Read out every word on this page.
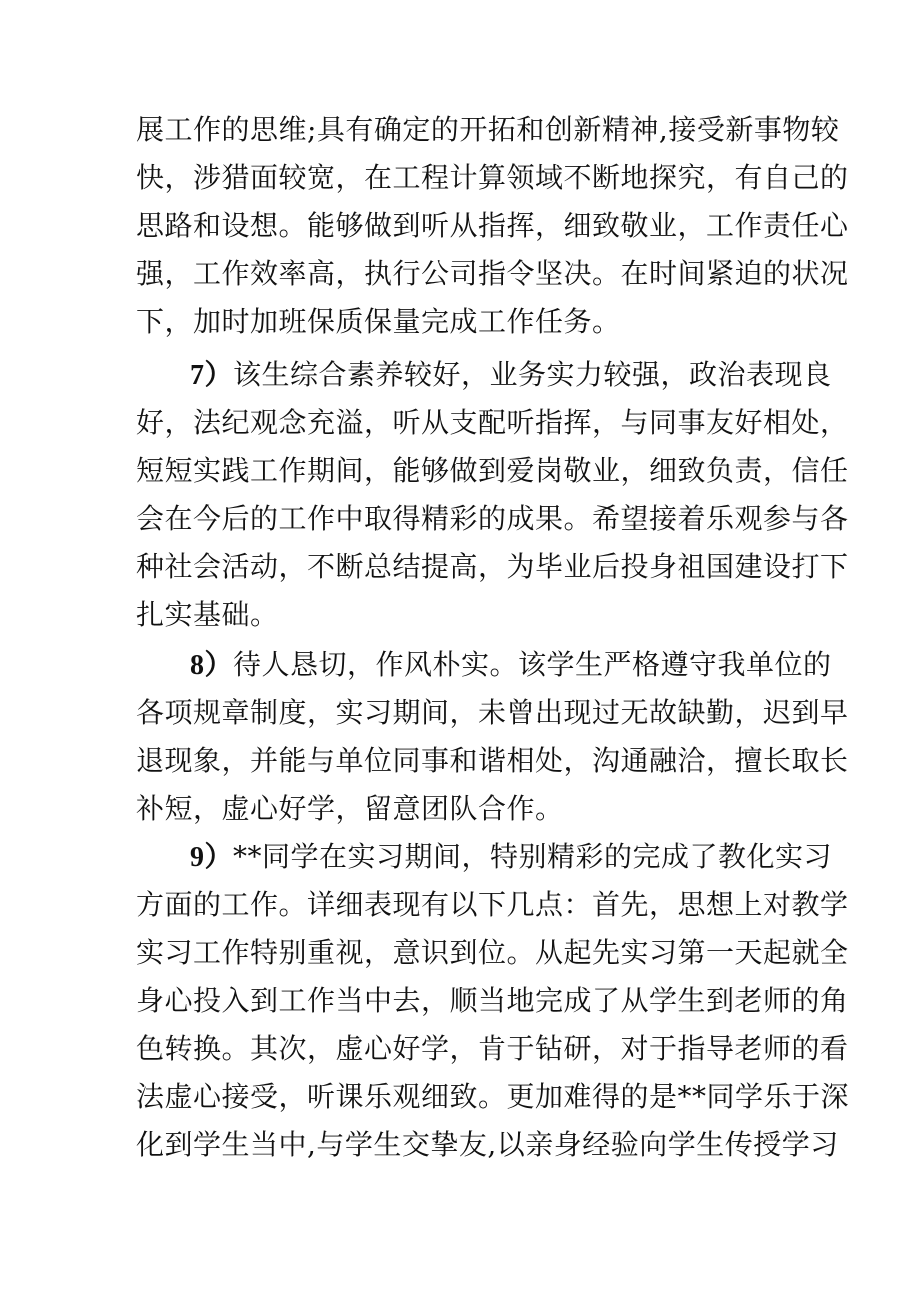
展工作的思维;具有确定的开拓和创新精神,接受新事物较
快，涉猎面较宽，在工程计算领域不断地探究，有自己的
思路和设想。能够做到听从指挥，细致敬业，工作责任心
强，工作效率高，执行公司指令坚决。在时间紧迫的状况
下，加时加班保质保量完成工作任务。
7）该生综合素养较好，业务实力较强，政治表现良
好，法纪观念充溢，听从支配听指挥，与同事友好相处，
短短实践工作期间，能够做到爱岗敬业，细致负责，信任
会在今后的工作中取得精彩的成果。希望接着乐观参与各
种社会活动，不断总结提高，为毕业后投身祖国建设打下
扎实基础。
8）待人恳切，作风朴实。该学生严格遵守我单位的
各项规章制度，实习期间，未曾出现过无故缺勤，迟到早
退现象，并能与单位同事和谐相处，沟通融洽，擅长取长
补短，虚心好学，留意团队合作。
9）**同学在实习期间，特别精彩的完成了教化实习
方面的工作。详细表现有以下几点：首先，思想上对教学
实习工作特别重视，意识到位。从起先实习第一天起就全
身心投入到工作当中去，顺当地完成了从学生到老师的角
色转换。其次，虚心好学，肯于钻研，对于指导老师的看
法虚心接受，听课乐观细致。更加难得的是**同学乐于深
化到学生当中,与学生交挚友,以亲身经验向学生传授学习
